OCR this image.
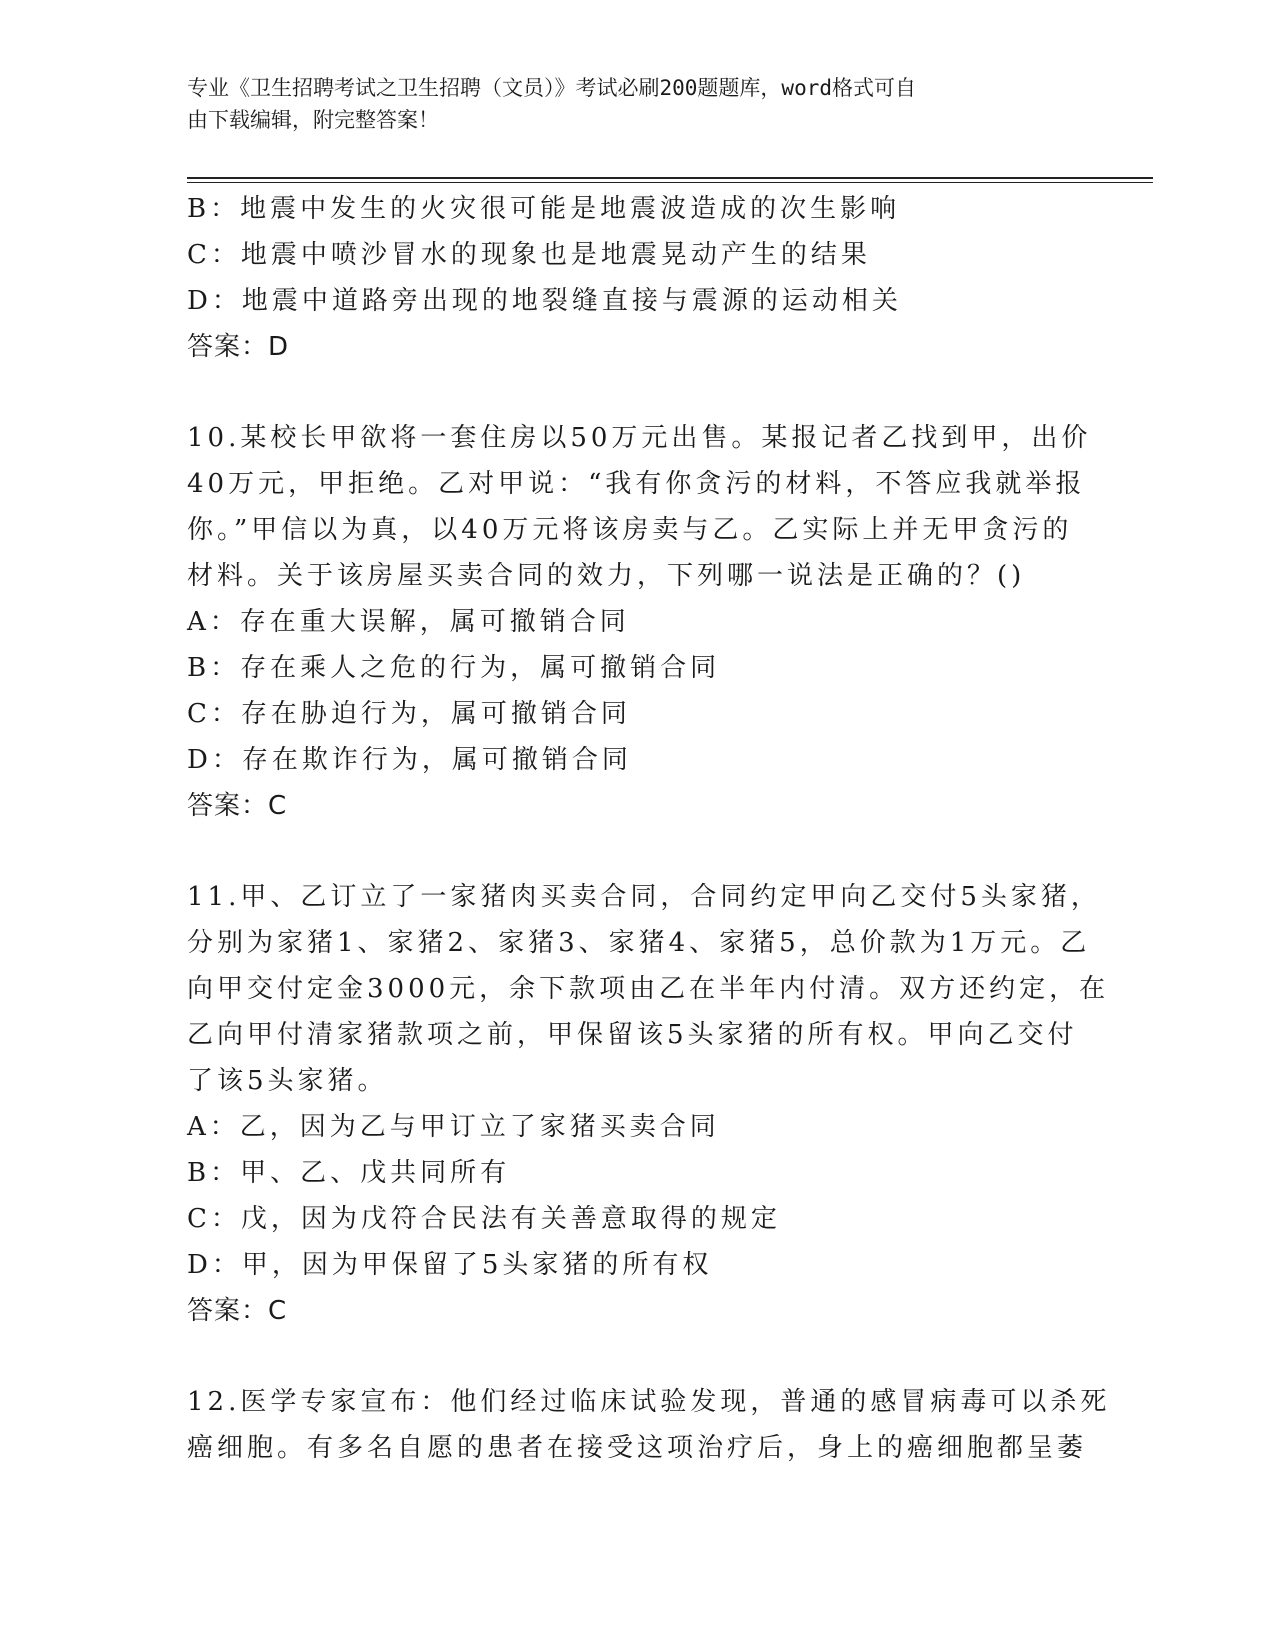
专业《卫生招聘考试之卫生招聘（文员）》考试必刷200题题库，word格式可自
由下载编辑，附完整答案！
B：地震中发生的火灾很可能是地震波造成的次生影响
C：地震中喷沙冒水的现象也是地震晃动产生的结果
D：地震中道路旁出现的地裂缝直接与震源的运动相关
答案：D
10.某校长甲欲将一套住房以50万元出售。某报记者乙找到甲，出价
40万元，甲拒绝。乙对甲说：“我有你贪污的材料，不答应我就举报
你。”甲信以为真，以40万元将该房卖与乙。乙实际上并无甲贪污的
材料。关于该房屋买卖合同的效力，下列哪一说法是正确的？()
A：存在重大误解，属可撤销合同
B：存在乘人之危的行为，属可撤销合同
C：存在胁迫行为，属可撤销合同
D：存在欺诈行为，属可撤销合同
答案：C
11.甲、乙订立了一家猪肉买卖合同，合同约定甲向乙交付5头家猪，
分别为家猪1、家猪2、家猪3、家猪4、家猪5，总价款为1万元。乙
向甲交付定金3000元，余下款项由乙在半年内付清。双方还约定，在
乙向甲付清家猪款项之前，甲保留该5头家猪的所有权。甲向乙交付
了该5头家猪。
A：乙，因为乙与甲订立了家猪买卖合同
B：甲、乙、戊共同所有
C：戊，因为戊符合民法有关善意取得的规定
D：甲，因为甲保留了5头家猪的所有权
答案：C
12.医学专家宣布：他们经过临床试验发现，普通的感冒病毒可以杀死
癌细胞。有多名自愿的患者在接受这项治疗后，身上的癌细胞都呈萎
